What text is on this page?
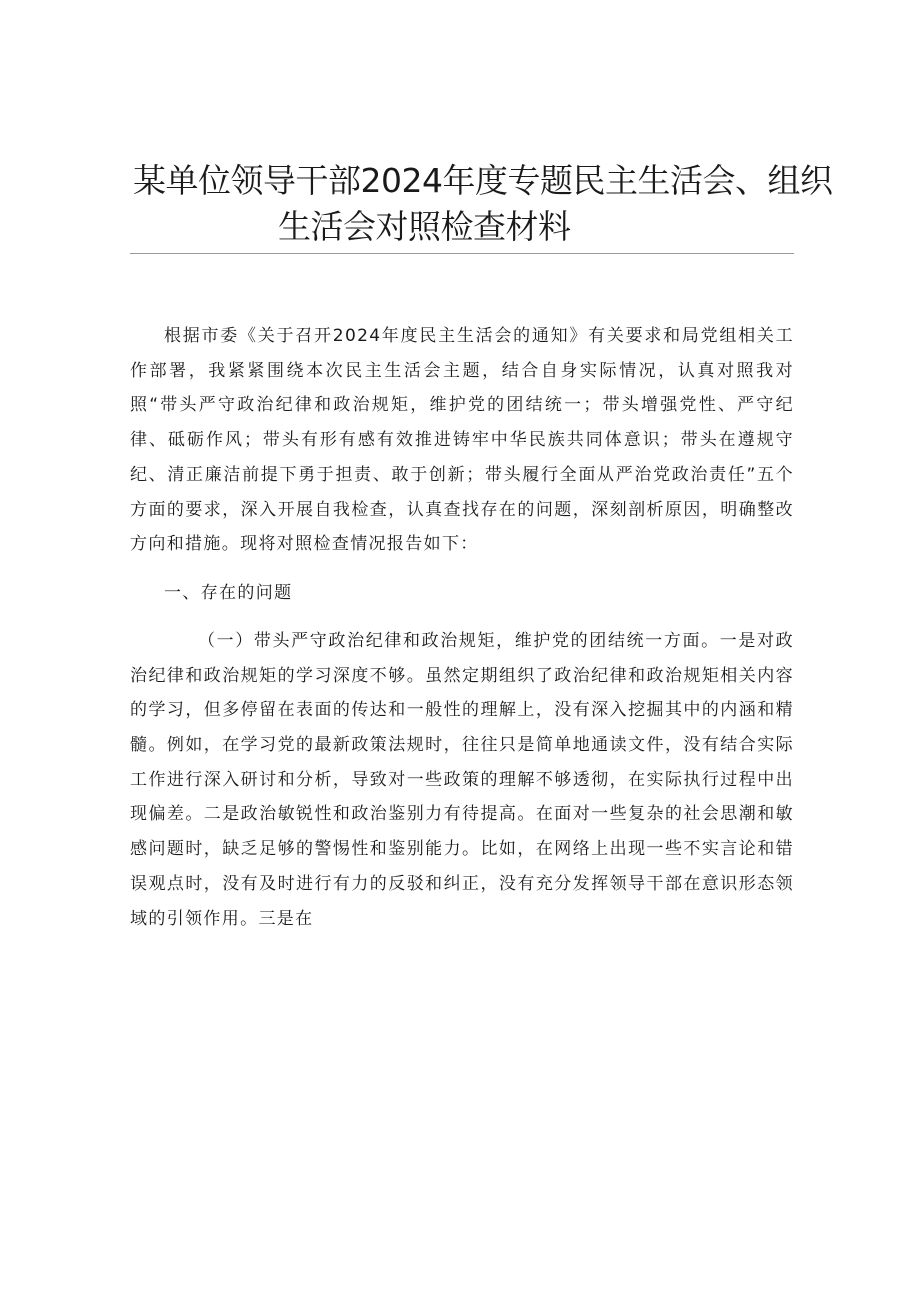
某单位领导干部2024年度专题民主生活会、组织
生活会对照检查材料

根据市委《关于召开2024年度民主生活会的通知》有关要求和局党组相关工作部署，我紧紧围绕本次民主生活会主题，结合自身实际情况，认真对照我对照“带头严守政治纪律和政治规矩，维护党的团结统一；带头增强党性、严守纪律、砥砺作风；带头有形有感有效推进铸牢中华民族共同体意识；带头在遵规守纪、清正廉洁前提下勇于担责、敢于创新；带头履行全面从严治党政治责任”五个方面的要求，深入开展自我检查，认真查找存在的问题，深刻剖析原因，明确整改方向和措施。现将对照检查情况报告如下：

一、存在的问题

（一）带头严守政治纪律和政治规矩，维护党的团结统一方面。一是对政治纪律和政治规矩的学习深度不够。虽然定期组织了政治纪律和政治规矩相关内容的学习，但多停留在表面的传达和一般性的理解上，没有深入挖掘其中的内涵和精髓。例如，在学习党的最新政策法规时，往往只是简单地通读文件，没有结合实际工作进行深入研讨和分析，导致对一些政策的理解不够透彻，在实际执行过程中出现偏差。二是政治敏锐性和政治鉴别力有待提高。在面对一些复杂的社会思潮和敏感问题时，缺乏足够的警惕性和鉴别能力。比如，在网络上出现一些不实言论和错误观点时，没有及时进行有力的反驳和纠正，没有充分发挥领导干部在意识形态领域的引领作用。三是在
